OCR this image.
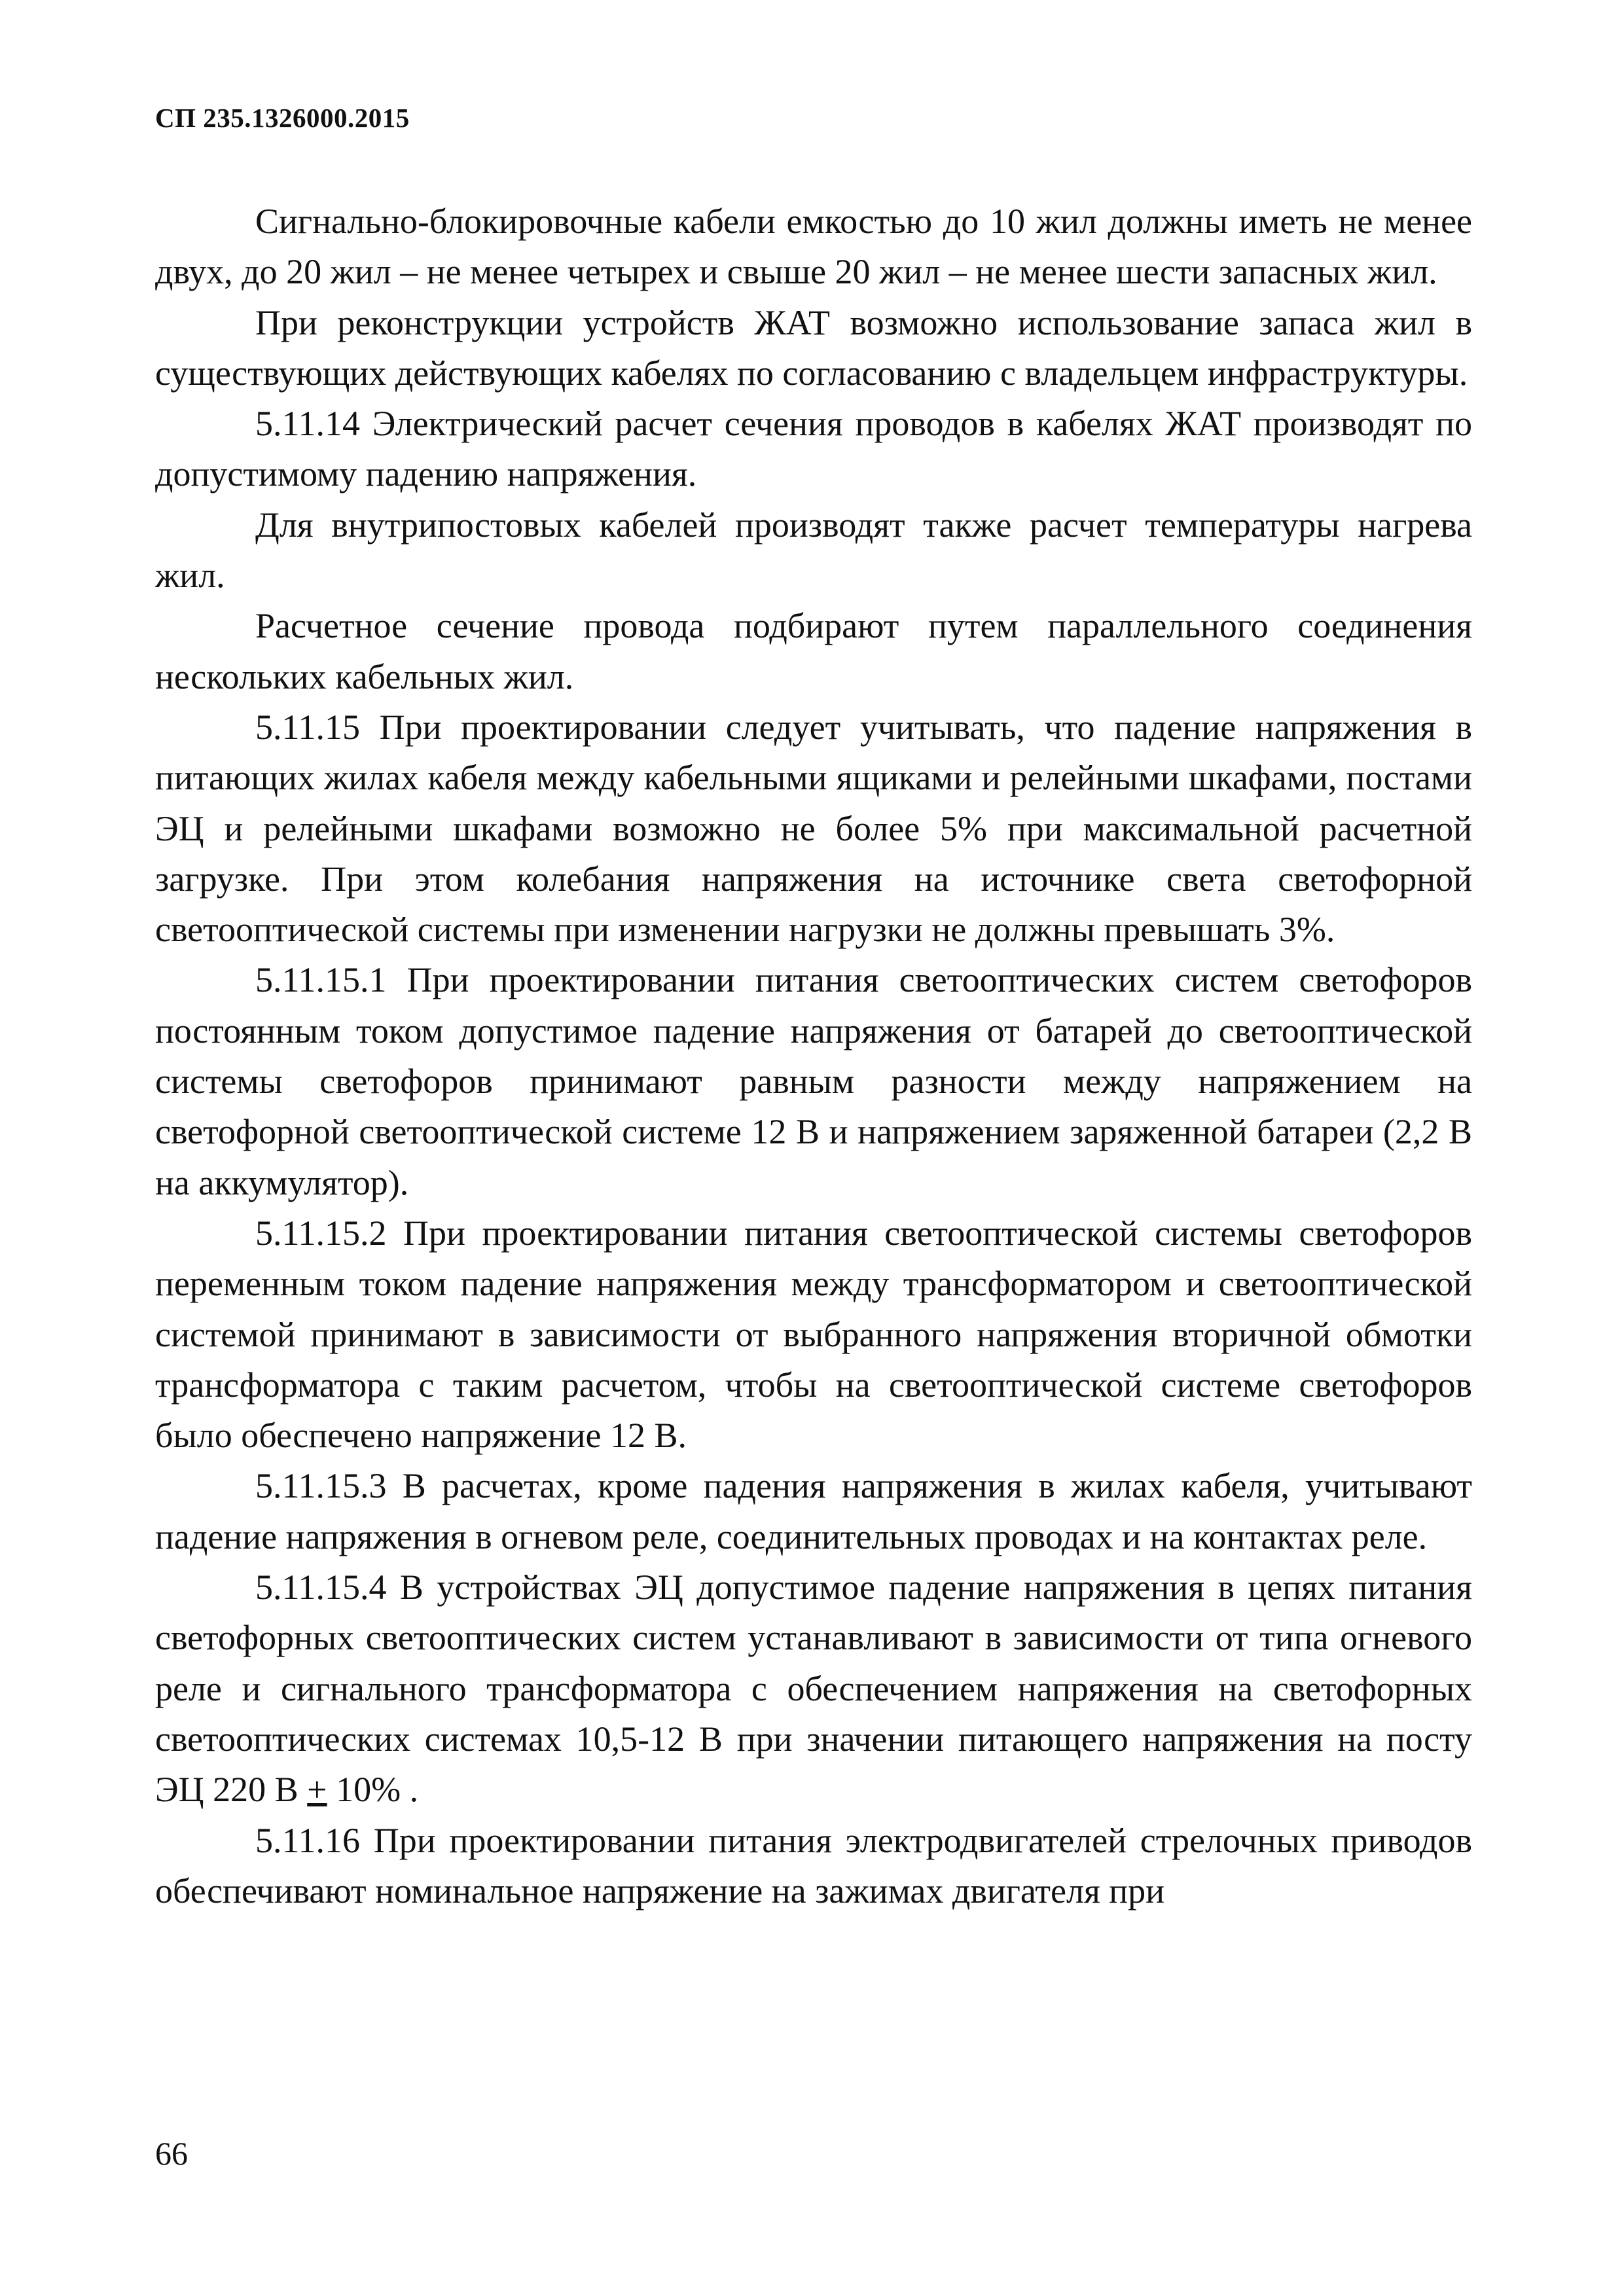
СП 235.1326000.2015

Сигнально-блокировочные кабели емкостью до 10 жил должны иметь не менее двух, до 20 жил – не менее четырех и свыше 20 жил – не менее шести запасных жил.

При реконструкции устройств ЖАТ возможно использование запаса жил в существующих действующих кабелях по согласованию с владельцем инфраструктуры.

5.11.14 Электрический расчет сечения проводов в кабелях ЖАТ производят по допустимому падению напряжения.

Для внутрипостовых кабелей производят также расчет температуры нагрева жил.

Расчетное сечение провода подбирают путем параллельного соединения нескольких кабельных жил.

5.11.15 При проектировании следует учитывать, что падение напряжения в питающих жилах кабеля между кабельными ящиками и релейными шкафами, постами ЭЦ и релейными шкафами возможно не более 5% при максимальной расчетной загрузке. При этом колебания напряжения на источнике света светофорной светооптической системы при изменении нагрузки не должны превышать 3%.

5.11.15.1 При проектировании питания светооптических систем светофоров постоянным током допустимое падение напряжения от батарей до светооптической системы светофоров принимают равным разности между напряжением на светофорной светооптической системе 12 В и напряжением заряженной батареи (2,2 В на аккумулятор).

5.11.15.2 При проектировании питания светооптической системы светофоров переменным током падение напряжения между трансформатором и светооптической системой принимают в зависимости от выбранного напряжения вторичной обмотки трансформатора с таким расчетом, чтобы на светооптической системе светофоров было обеспечено напряжение 12 В.

5.11.15.3 В расчетах, кроме падения напряжения в жилах кабеля, учитывают падение напряжения в огневом реле, соединительных проводах и на контактах реле.

5.11.15.4 В устройствах ЭЦ допустимое падение напряжения в цепях питания светофорных светооптических систем устанавливают в зависимости от типа огневого реле и сигнального трансформатора с обеспечением напряжения на светофорных светооптических системах 10,5-12 В при значении питающего напряжения на посту ЭЦ 220 В + 10% .

5.11.16 При проектировании питания электродвигателей стрелочных приводов обеспечивают номинальное напряжение на зажимах двигателя при

66
